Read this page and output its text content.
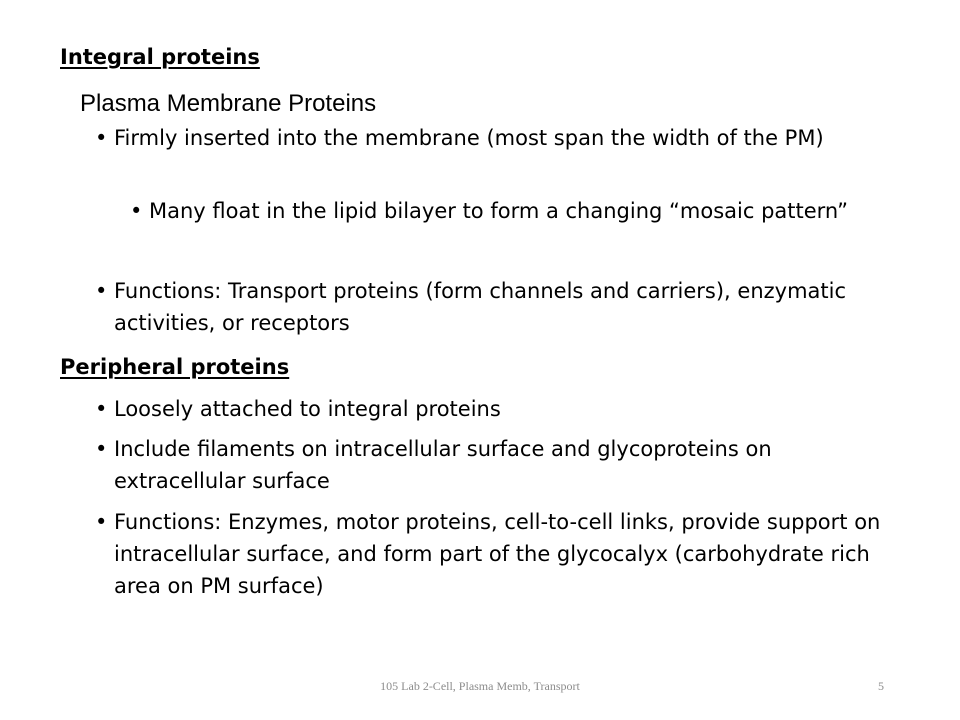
Integral proteins
Plasma Membrane Proteins
• Firmly inserted into the membrane (most span the width of the PM)
• Many float in the lipid bilayer to form a changing “mosaic pattern”
• Functions: Transport proteins (form channels and carriers), enzymatic activities, or receptors
Peripheral proteins
• Loosely attached to integral proteins
• Include filaments on intracellular surface and glycoproteins on extracellular surface
• Functions: Enzymes, motor proteins, cell-to-cell links, provide support on intracellular surface, and form part of the glycocalyx (carbohydrate rich area on PM surface)
105 Lab 2-Cell, Plasma Memb, Transport	5
